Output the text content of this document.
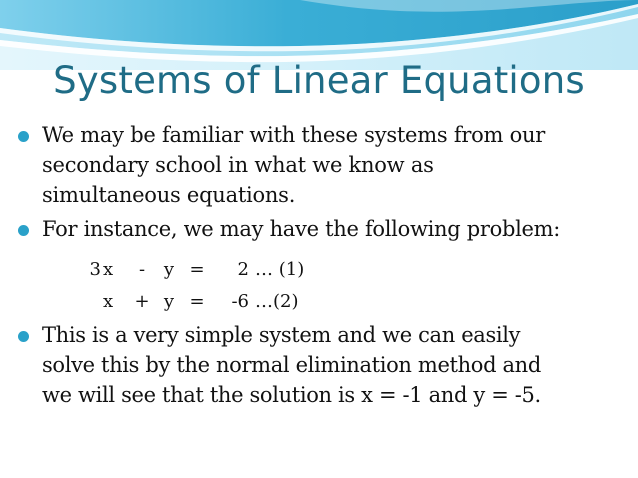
Systems of Linear Equations
We may be familiar with these systems from our
secondary school in what we know as
simultaneous equations.
For instance, we may have the following problem:
3 x	-	y =	2 … (1)
x	+ y =	-6 …(2)
This is a very simple system and we can easily
solve this by the normal elimination method and
we will see that the solution is x = -1 and y = -5.
